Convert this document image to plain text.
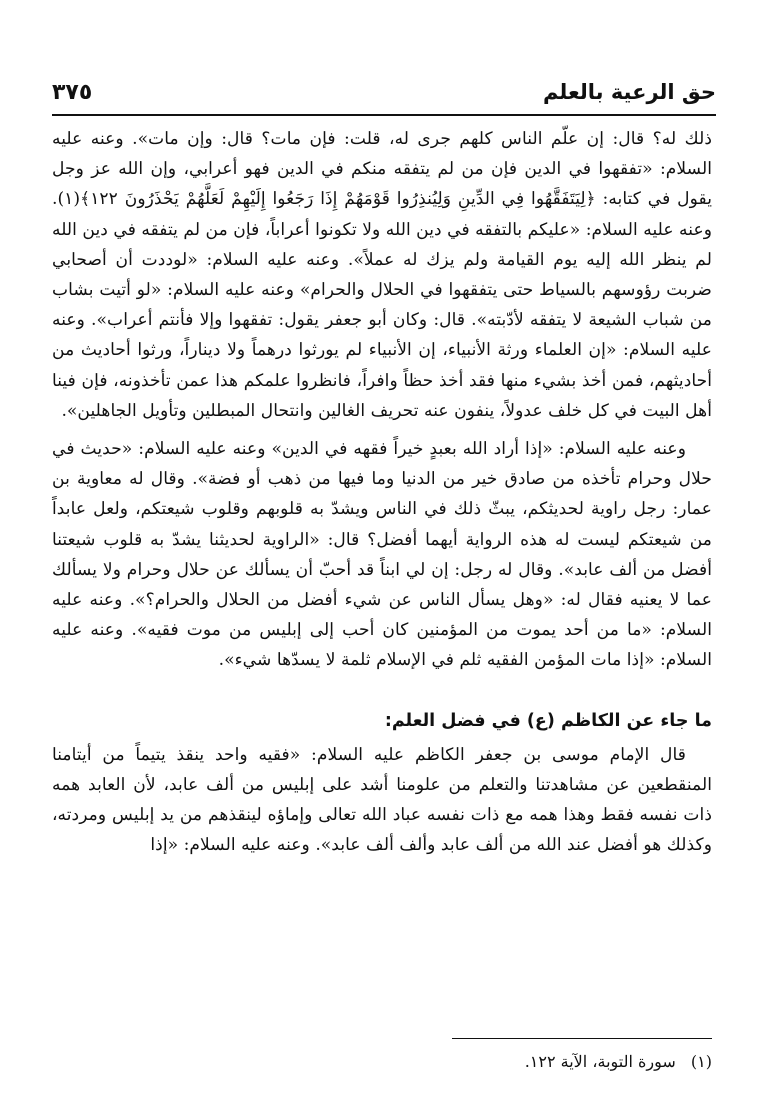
حق الرعية بالعلم
٣٧٥

ذلك له؟ قال: إن علّم الناس كلهم جرى له، قلت: فإن مات؟ قال: وإن مات». وعنه عليه السلام: «تفقهوا في الدين فإن من لم يتفقه منكم في الدين فهو أعرابي، وإن الله عز وجل يقول في كتابه: ﴿لِيَتَفَقَّهُوا فِي الدِّينِ وَلِيُنذِرُوا قَوْمَهُمْ إِذَا رَجَعُوا إِلَيْهِمْ لَعَلَّهُمْ يَحْذَرُونَ ١٢٢﴾(١). وعنه عليه السلام: «عليكم بالتفقه في دين الله ولا تكونوا أعراباً، فإن من لم يتفقه في دين الله لم ينظر الله إليه يوم القيامة ولم يزك له عملاً». وعنه عليه السلام: «لوددت أن أصحابي ضربت رؤوسهم بالسياط حتى يتفقهوا في الحلال والحرام» وعنه عليه السلام: «لو أتيت بشاب من شباب الشيعة لا يتفقه لأدّبته». قال: وكان أبو جعفر يقول: تفقهوا وإلا فأنتم أعراب». وعنه عليه السلام: «إن العلماء ورثة الأنبياء، إن الأنبياء لم يورثوا درهماً ولا ديناراً، ورثوا أحاديث من أحاديثهم، فمن أخذ بشيء منها فقد أخذ حظاً وافراً، فانظروا علمكم هذا عمن تأخذونه، فإن فينا أهل البيت في كل خلف عدولاً، ينفون عنه تحريف الغالين وانتحال المبطلين وتأويل الجاهلين».

وعنه عليه السلام: «إذا أراد الله بعبدٍ خيراً فقهه في الدين» وعنه عليه السلام: «حديث في حلال وحرام تأخذه من صادق خير من الدنيا وما فيها من ذهب أو فضة». وقال له معاوية بن عمار: رجل راوية لحديثكم، يبثّ ذلك في الناس ويشدّ به قلوبهم وقلوب شيعتكم، ولعل عابداً من شيعتكم ليست له هذه الرواية أيهما أفضل؟ قال: «الراوية لحديثنا يشدّ به قلوب شيعتنا أفضل من ألف عابد». وقال له رجل: إن لي ابناً قد أحبّ أن يسألك عن حلال وحرام ولا يسألك عما لا يعنيه فقال له: «وهل يسأل الناس عن شيء أفضل من الحلال والحرام؟». وعنه عليه السلام: «ما من أحد يموت من المؤمنين كان أحب إلى إبليس من موت فقيه». وعنه عليه السلام: «إذا مات المؤمن الفقيه ثلم في الإسلام ثلمة لا يسدّها شيء».

ما جاء عن الكاظم (ع) في فضل العلم:

قال الإمام موسى بن جعفر الكاظم عليه السلام: «فقيه واحد ينقذ يتيماً من أيتامنا المنقطعين عن مشاهدتنا والتعلم من علومنا أشد على إبليس من ألف عابد، لأن العابد همه ذات نفسه فقط وهذا همه مع ذات نفسه عباد الله تعالى وإماؤه لينقذهم من يد إبليس ومردته، وكذلك هو أفضل عند الله من ألف عابد وألف ألف عابد». وعنه عليه السلام: «إذا

(١) سورة التوبة، الآية ١٢٢.
